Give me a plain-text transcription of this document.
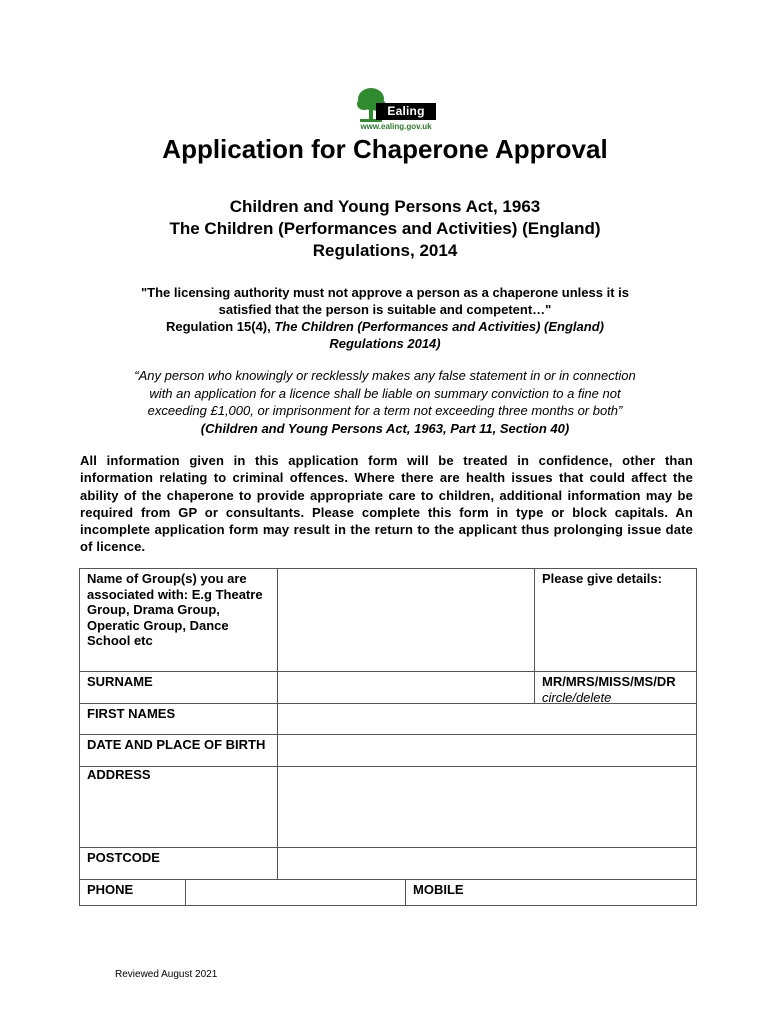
Ealing
www.ealing.gov.uk
Application for Chaperone Approval
Children and Young Persons Act, 1963
The Children (Performances and Activities) (England)
Regulations, 2014
"The licensing authority must not approve a person as a chaperone unless it is
satisfied that the person is suitable and competent…"
Regulation 15(4), The Children (Performances and Activities) (England)
Regulations 2014)
“Any person who knowingly or recklessly makes any false statement in or in connection
with an application for a licence shall be liable on summary conviction to a fine not
exceeding £1,000, or imprisonment for a term not exceeding three months or both”
(Children and Young Persons Act, 1963, Part 11, Section 40)
All information given in this application form will be treated in confidence, other than information relating to criminal offences. Where there are health issues that could affect the ability of the chaperone to provide appropriate care to children, additional information may be required from GP or consultants. Please complete this form in type or block capitals. An incomplete application form may result in the return to the applicant thus prolonging issue date of licence.
Name of Group(s) you are associated with: E.g Theatre Group, Drama Group, Operatic Group, Dance School etc
Please give details:
SURNAME	MR/MRS/MISS/MS/DR
circle/delete
FIRST NAMES
DATE AND PLACE OF BIRTH
ADDRESS
POSTCODE
PHONE	MOBILE
Reviewed August 2021
